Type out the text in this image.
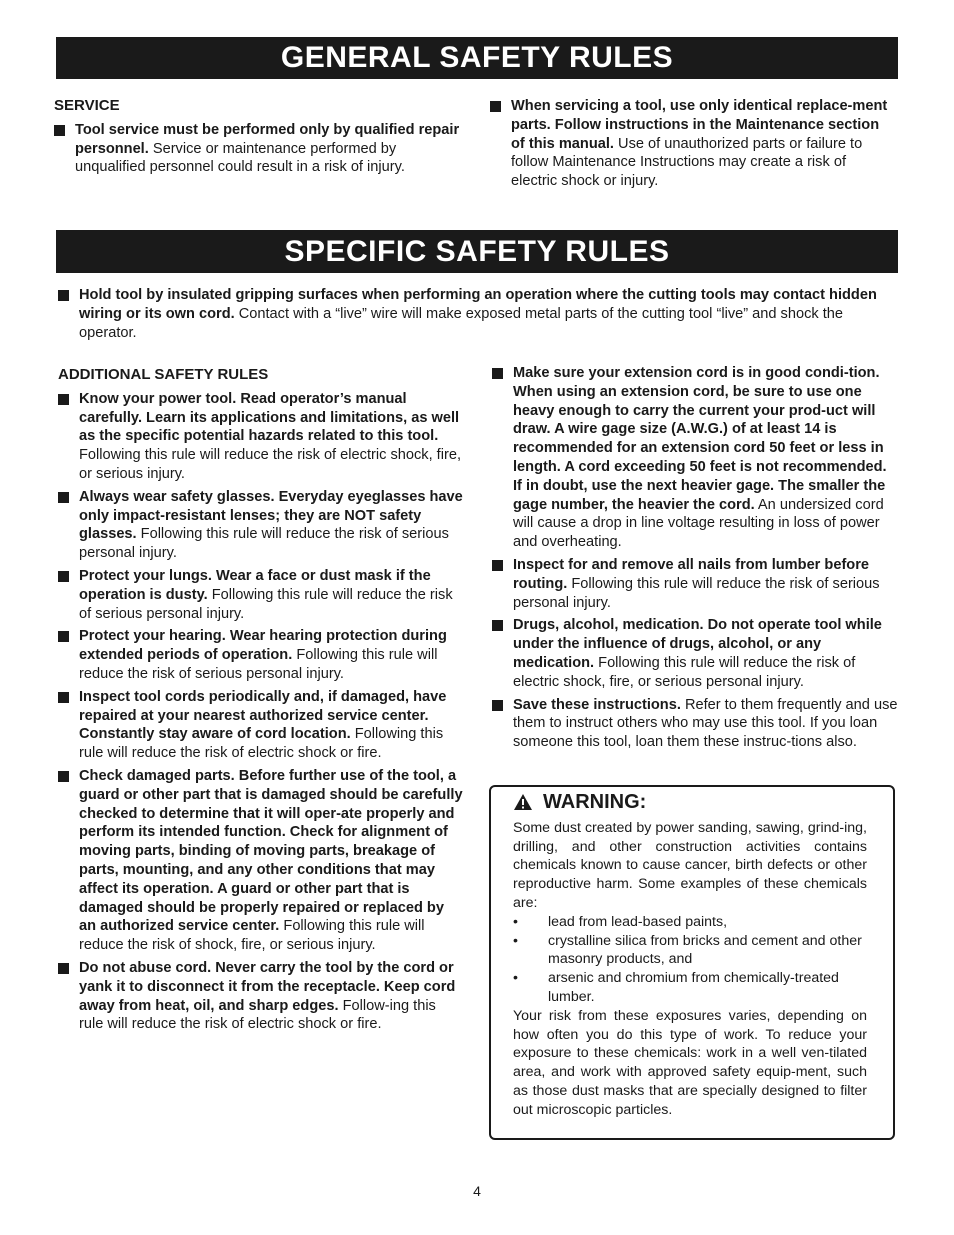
GENERAL SAFETY RULES
SERVICE
Tool service must be performed only by qualified repair personnel. Service or maintenance performed by unqualified personnel could result in a risk of injury.
When servicing a tool, use only identical replace-ment parts. Follow instructions in the Maintenance section of this manual. Use of unauthorized parts or failure to follow Maintenance Instructions may create a risk of electric shock or injury.
SPECIFIC SAFETY RULES
Hold tool by insulated gripping surfaces when performing an operation where the cutting tools may contact hidden wiring or its own cord. Contact with a “live” wire will make exposed metal parts of the cutting tool “live” and shock the operator.
ADDITIONAL SAFETY RULES
Know your power tool. Read operator’s manual carefully. Learn its applications and limitations, as well as the specific potential hazards related to this tool. Following this rule will reduce the risk of electric shock, fire, or serious injury.
Always wear safety glasses. Everyday eyeglasses have only impact-resistant lenses; they are NOT safety glasses. Following this rule will reduce the risk of serious personal injury.
Protect your lungs. Wear a face or dust mask if the operation is dusty. Following this rule will reduce the risk of serious personal injury.
Protect your hearing. Wear hearing protection during extended periods of operation. Following this rule will reduce the risk of serious personal injury.
Inspect tool cords periodically and, if damaged, have repaired at your nearest authorized service center. Constantly stay aware of cord location. Following this rule will reduce the risk of electric shock or fire.
Check damaged parts. Before further use of the tool, a guard or other part that is damaged should be carefully checked to determine that it will oper-ate properly and perform its intended function. Check for alignment of moving parts, binding of moving parts, breakage of parts, mounting, and any other conditions that may affect its operation. A guard or other part that is damaged should be properly repaired or replaced by an authorized service center. Following this rule will reduce the risk of shock, fire, or serious injury.
Do not abuse cord. Never carry the tool by the cord or yank it to disconnect it from the receptacle. Keep cord away from heat, oil, and sharp edges. Follow-ing this rule will reduce the risk of electric shock or fire.
Make sure your extension cord is in good condi-tion. When using an extension cord, be sure to use one heavy enough to carry the current your prod-uct will draw. A wire gage size (A.W.G.) of at least 14 is recommended for an extension cord 50 feet or less in length. A cord exceeding 50 feet is not recommended. If in doubt, use the next heavier gage. The smaller the gage number, the heavier the cord. An undersized cord will cause a drop in line voltage resulting in loss of power and overheating.
Inspect for and remove all nails from lumber before routing. Following this rule will reduce the risk of serious personal injury.
Drugs, alcohol, medication. Do not operate tool while under the influence of drugs, alcohol, or any medication. Following this rule will reduce the risk of electric shock, fire, or serious personal injury.
Save these instructions. Refer to them frequently and use them to instruct others who may use this tool. If you loan someone this tool, loan them these instruc-tions also.
WARNING:

Some dust created by power sanding, sawing, grind-ing, drilling, and other construction activities contains chemicals known to cause cancer, birth defects or other reproductive harm. Some examples of these chemicals are:

• lead from lead-based paints,
• crystalline silica from bricks and cement and other masonry products, and
• arsenic and chromium from chemically-treated lumber.

Your risk from these exposures varies, depending on how often you do this type of work. To reduce your exposure to these chemicals: work in a well ven-tilated area, and work with approved safety equip-ment, such as those dust masks that are specially designed to filter out microscopic particles.

4
